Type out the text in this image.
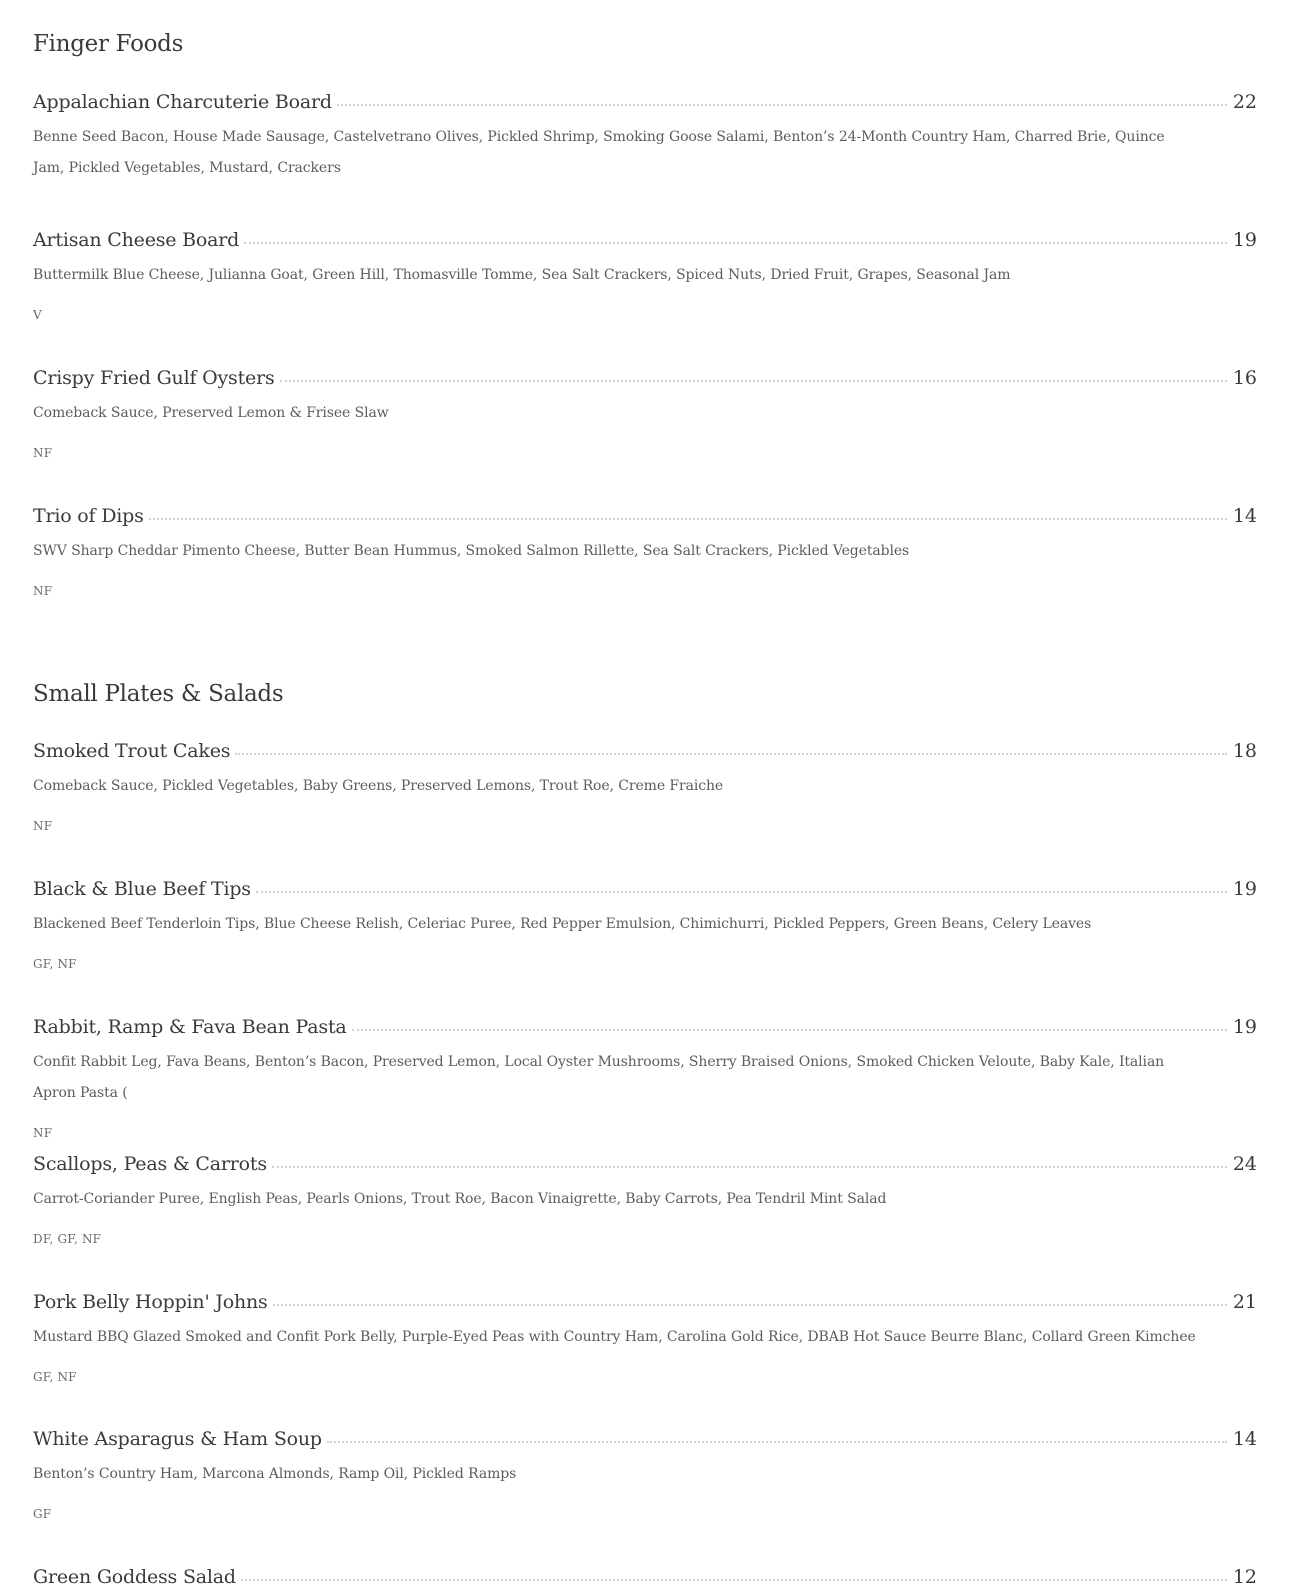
Finger Foods
Appalachian Charcuterie Board	22

Benne Seed Bacon, House Made Sausage, Castelvetrano Olives, Pickled Shrimp, Smoking Goose Salami, Benton’s 24-Month Country Ham, Charred Brie, Quince Jam, Pickled Vegetables, Mustard, Crackers

Artisan Cheese Board	19

Buttermilk Blue Cheese, Julianna Goat, Green Hill, Thomasville Tomme, Sea Salt Crackers, Spiced Nuts, Dried Fruit, Grapes, Seasonal Jam

V

Crispy Fried Gulf Oysters	16

Comeback Sauce, Preserved Lemon & Frisee Slaw

NF

Trio of Dips	14

SWV Sharp Cheddar Pimento Cheese, Butter Bean Hummus, Smoked Salmon Rillette, Sea Salt Crackers, Pickled Vegetables

NF

Small Plates & Salads
Smoked Trout Cakes	18

Comeback Sauce, Pickled Vegetables, Baby Greens, Preserved Lemons, Trout Roe, Creme Fraiche

NF

Black & Blue Beef Tips	19

Blackened Beef Tenderloin Tips, Blue Cheese Relish, Celeriac Puree, Red Pepper Emulsion, Chimichurri, Pickled Peppers, Green Beans, Celery Leaves

GF, NF

Rabbit, Ramp & Fava Bean Pasta	19

Confit Rabbit Leg, Fava Beans, Benton’s Bacon, Preserved Lemon, Local Oyster Mushrooms, Sherry Braised Onions, Smoked Chicken Veloute, Baby Kale, Italian Apron Pasta (

NF

Scallops, Peas & Carrots	24

Carrot-Coriander Puree, English Peas, Pearls Onions, Trout Roe, Bacon Vinaigrette, Baby Carrots, Pea Tendril Mint Salad

DF, GF, NF

Pork Belly Hoppin' Johns	21

Mustard BBQ Glazed Smoked and Confit Pork Belly, Purple-Eyed Peas with Country Ham, Carolina Gold Rice, DBAB Hot Sauce Beurre Blanc, Collard Green Kimchee

GF, NF

White Asparagus & Ham Soup	14

Benton’s Country Ham, Marcona Almonds, Ramp Oil, Pickled Ramps

GF

Green Goddess Salad	12
